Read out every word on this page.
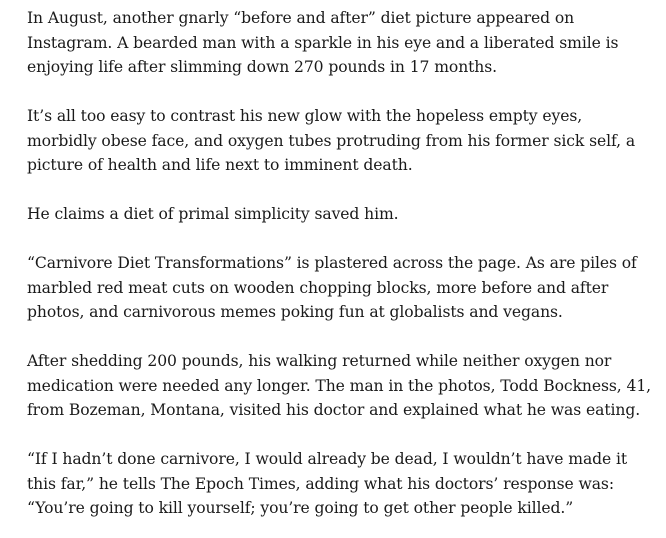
In August, another gnarly “before and after” diet picture appeared on Instagram. A bearded man with a sparkle in his eye and a liberated smile is enjoying life after slimming down 270 pounds in 17 months.

It’s all too easy to contrast his new glow with the hopeless empty eyes, morbidly obese face, and oxygen tubes protruding from his former sick self, a picture of health and life next to imminent death.

He claims a diet of primal simplicity saved him.

“Carnivore Diet Transformations” is plastered across the page. As are piles of marbled red meat cuts on wooden chopping blocks, more before and after photos, and carnivorous memes poking fun at globalists and vegans.

After shedding 200 pounds, his walking returned while neither oxygen nor medication were needed any longer. The man in the photos, Todd Bockness, 41, from Bozeman, Montana, visited his doctor and explained what he was eating.

“If I hadn’t done carnivore, I would already be dead, I wouldn’t have made it this far,” he tells The Epoch Times, adding what his doctors’ response was: “You’re going to kill yourself; you’re going to get other people killed.”
